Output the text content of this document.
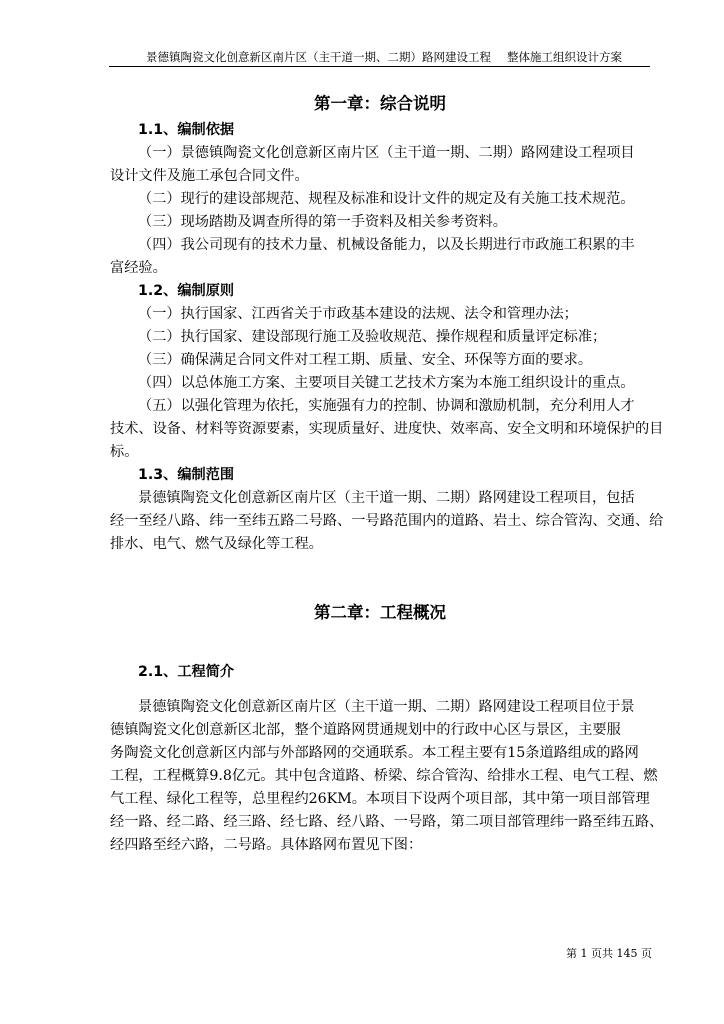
景德镇陶瓷文化创意新区南片区（主干道一期、二期）路网建设工程 整体施工组织设计方案
第一章：综合说明
1.1、编制依据
（一）景德镇陶瓷文化创意新区南片区（主干道一期、二期）路网建设工程项目
设计文件及施工承包合同文件。
（二）现行的建设部规范、规程及标准和设计文件的规定及有关施工技术规范。
（三）现场踏勘及调查所得的第一手资料及相关参考资料。
（四）我公司现有的技术力量、机械设备能力，以及长期进行市政施工积累的丰
富经验。
1.2、编制原则
（一）执行国家、江西省关于市政基本建设的法规、法令和管理办法；
（二）执行国家、建设部现行施工及验收规范、操作规程和质量评定标准；
（三）确保满足合同文件对工程工期、质量、安全、环保等方面的要求。
（四）以总体施工方案、主要项目关键工艺技术方案为本施工组织设计的重点。
（五）以强化管理为依托，实施强有力的控制、协调和激励机制，充分利用人才
技术、设备、材料等资源要素，实现质量好、进度快、效率高、安全文明和环境保护的目
标。
1.3、编制范围
景德镇陶瓷文化创意新区南片区（主干道一期、二期）路网建设工程项目，包括
经一至经八路、纬一至纬五路二号路、一号路范围内的道路、岩土、综合管沟、交通、给
排水、电气、燃气及绿化等工程。
第二章：工程概况
2.1、工程简介
景德镇陶瓷文化创意新区南片区（主干道一期、二期）路网建设工程项目位于景
德镇陶瓷文化创意新区北部，整个道路网贯通规划中的行政中心区与景区，主要服
务陶瓷文化创意新区内部与外部路网的交通联系。本工程主要有15条道路组成的路网
工程，工程概算9.8亿元。其中包含道路、桥梁、综合管沟、给排水工程、电气工程、燃
气工程、绿化工程等，总里程约26KM。本项目下设两个项目部，其中第一项目部管理
经一路、经二路、经三路、经七路、经八路、一号路，第二项目部管理纬一路至纬五路、
经四路至经六路，二号路。具体路网布置见下图：
第 1 页共 145 页
